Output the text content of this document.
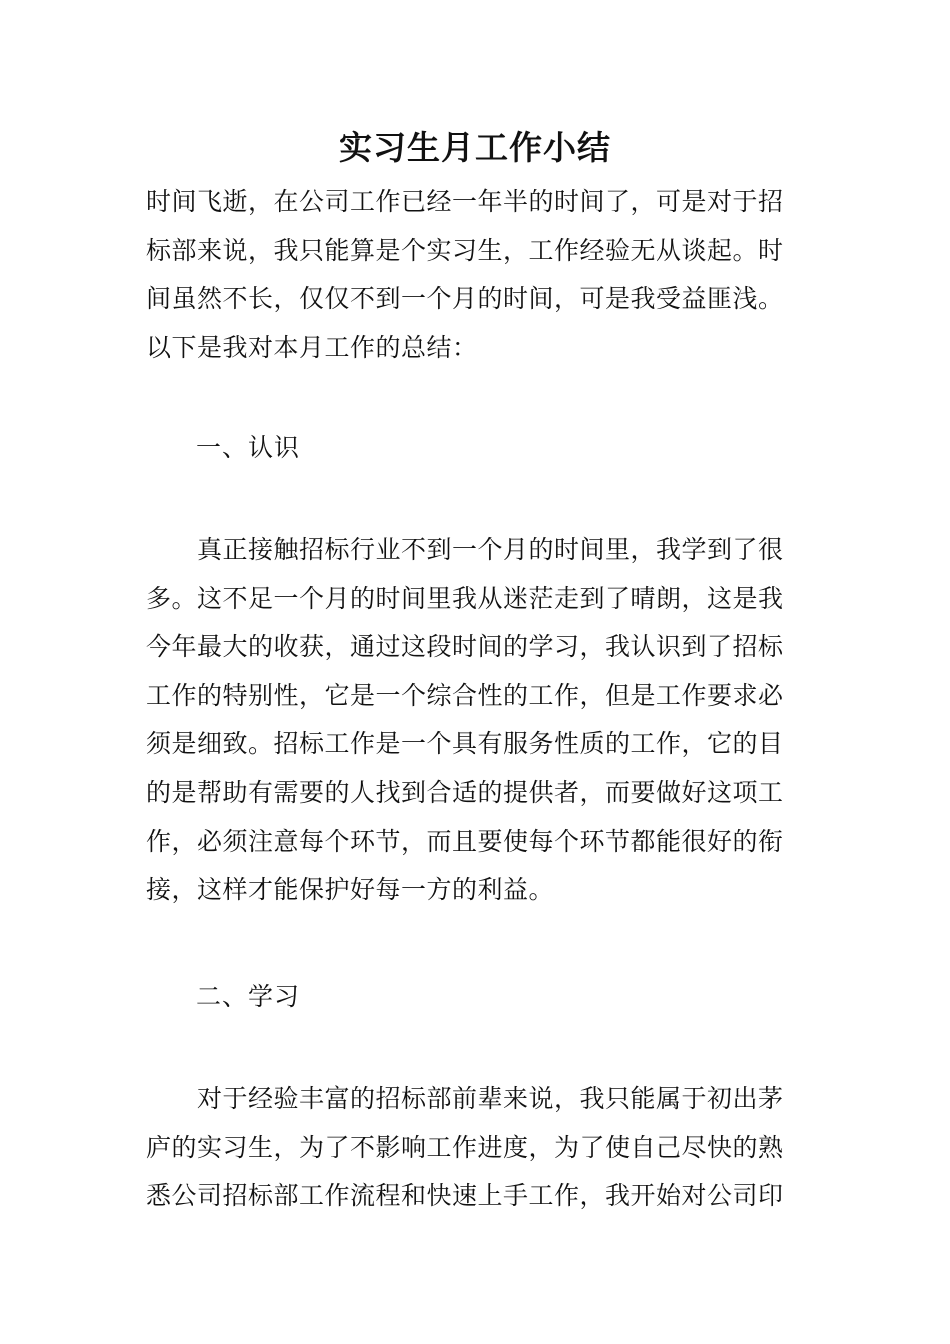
实习生月工作小结
时间飞逝，在公司工作已经一年半的时间了，可是对于招
标部来说，我只能算是个实习生，工作经验无从谈起。时
间虽然不长，仅仅不到一个月的时间，可是我受益匪浅。
以下是我对本月工作的总结：
一、认识
　　真正接触招标行业不到一个月的时间里，我学到了很
多。这不足一个月的时间里我从迷茫走到了晴朗，这是我
今年最大的收获，通过这段时间的学习，我认识到了招标
工作的特别性，它是一个综合性的工作，但是工作要求必
须是细致。招标工作是一个具有服务性质的工作，它的目
的是帮助有需要的人找到合适的提供者，而要做好这项工
作，必须注意每个环节，而且要使每个环节都能很好的衔
接，这样才能保护好每一方的利益。
二、学习
　　对于经验丰富的招标部前辈来说，我只能属于初出茅
庐的实习生，为了不影响工作进度，为了使自己尽快的熟
悉公司招标部工作流程和快速上手工作，我开始对公司印
